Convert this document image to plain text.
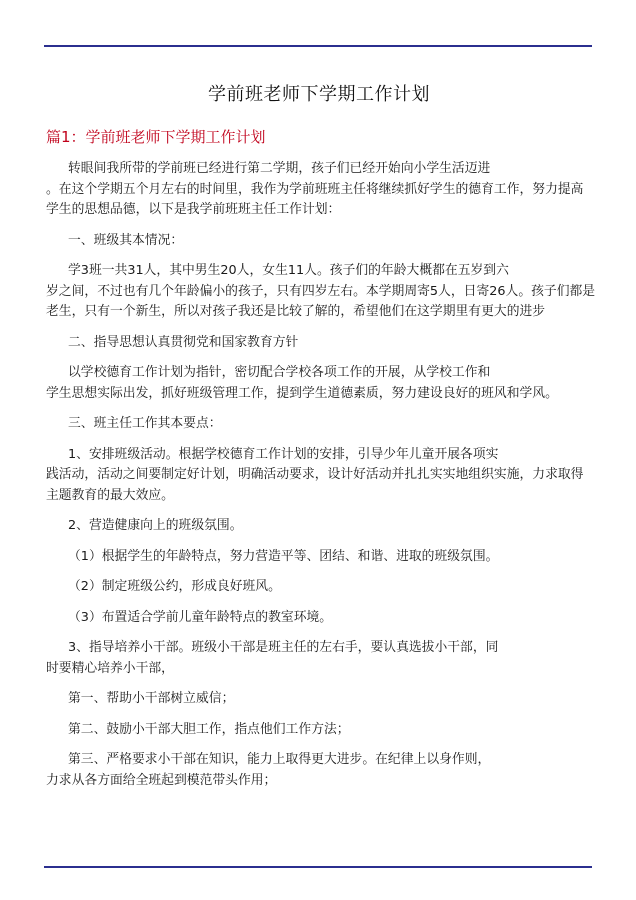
学前班老师下学期工作计划
篇1：学前班老师下学期工作计划
转眼间我所带的学前班已经进行第二学期，孩子们已经开始向小学生活迈进
。在这个学期五个月左右的时间里，我作为学前班班主任将继续抓好学生的德育工作，努力提高
学生的思想品德，以下是我学前班班主任工作计划：
一、班级其本情况：
学3班一共31人，其中男生20人，女生11人。孩子们的年龄大概都在五岁到六
岁之间，不过也有几个年龄偏小的孩子，只有四岁左右。本学期周寄5人，日寄26人。孩子们都是
老生，只有一个新生，所以对孩子我还是比较了解的，希望他们在这学期里有更大的进步
二、指导思想认真贯彻党和国家教育方针
以学校德育工作计划为指针，密切配合学校各项工作的开展，从学校工作和
学生思想实际出发，抓好班级管理工作，提到学生道德素质，努力建设良好的班风和学风。
三、班主任工作其本要点：
1、安排班级活动。根据学校德育工作计划的安排，引导少年儿童开展各项实
践活动，活动之间要制定好计划，明确活动要求，设计好活动并扎扎实实地组织实施，力求取得
主题教育的最大效应。
2、营造健康向上的班级氛围。
（1）根据学生的年龄特点，努力营造平等、团结、和谐、进取的班级氛围。
（2）制定班级公约，形成良好班风。
（3）布置适合学前儿童年龄特点的教室环境。
3、指导培养小干部。班级小干部是班主任的左右手，要认真选拔小干部，同
时要精心培养小干部，
第一、帮助小干部树立威信；
第二、鼓励小干部大胆工作，指点他们工作方法；
第三、严格要求小干部在知识，能力上取得更大进步。在纪律上以身作则，
力求从各方面给全班起到模范带头作用；
